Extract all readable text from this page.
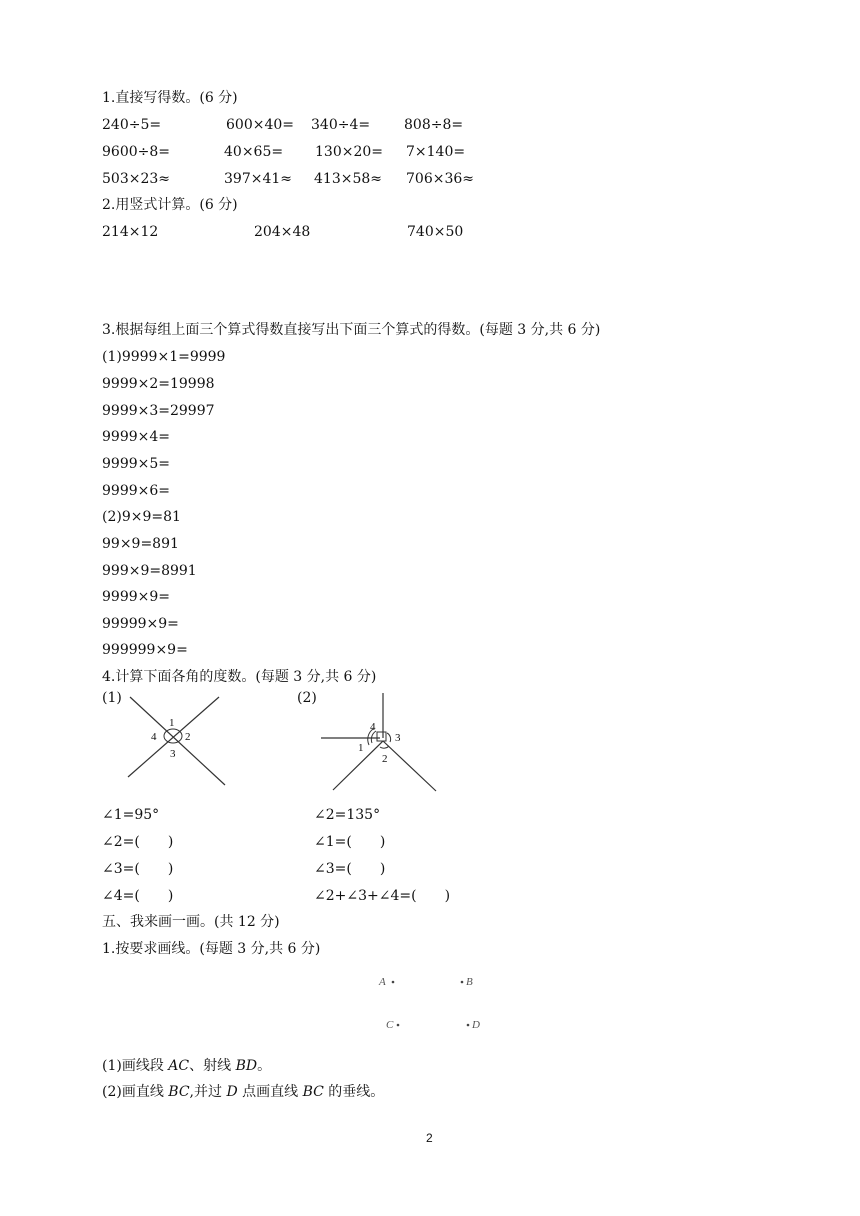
1.直接写得数。(6 分)
240÷5=	600×40= 340÷4= 808÷8=
9600÷8=	40×65= 130×20= 7×140=
503×23≈	397×41≈ 413×58≈ 706×36≈
2.用竖式计算。(6 分)
214×12	204×48	740×50
3.根据每组上面三个算式得数直接写出下面三个算式的得数。(每题 3 分,共 6 分)
(1)9999×1=9999
9999×2=19998
9999×3=29997
9999×4=
9999×5=
9999×6=
(2)9×9=81
99×9=891
999×9=8991
9999×9=
99999×9=
999999×9=
4.计算下面各角的度数。(每题 3 分,共 6 分)
(1)	(2)
1
2
3
4
4
3
1
2
A	B
C	D
∠1=95°
∠2=(　　)
∠3=(　　)
∠4=(　　)
∠2=135°
∠1=(　　)
∠3=(　　)
∠2+∠3+∠4=(　　)
五、我来画一画。(共 12 分)
1.按要求画线。(每题 3 分,共 6 分)
(1)画线段 AC、射线 BD。
(2)画直线 BC,并过 D 点画直线 BC 的垂线。
2
